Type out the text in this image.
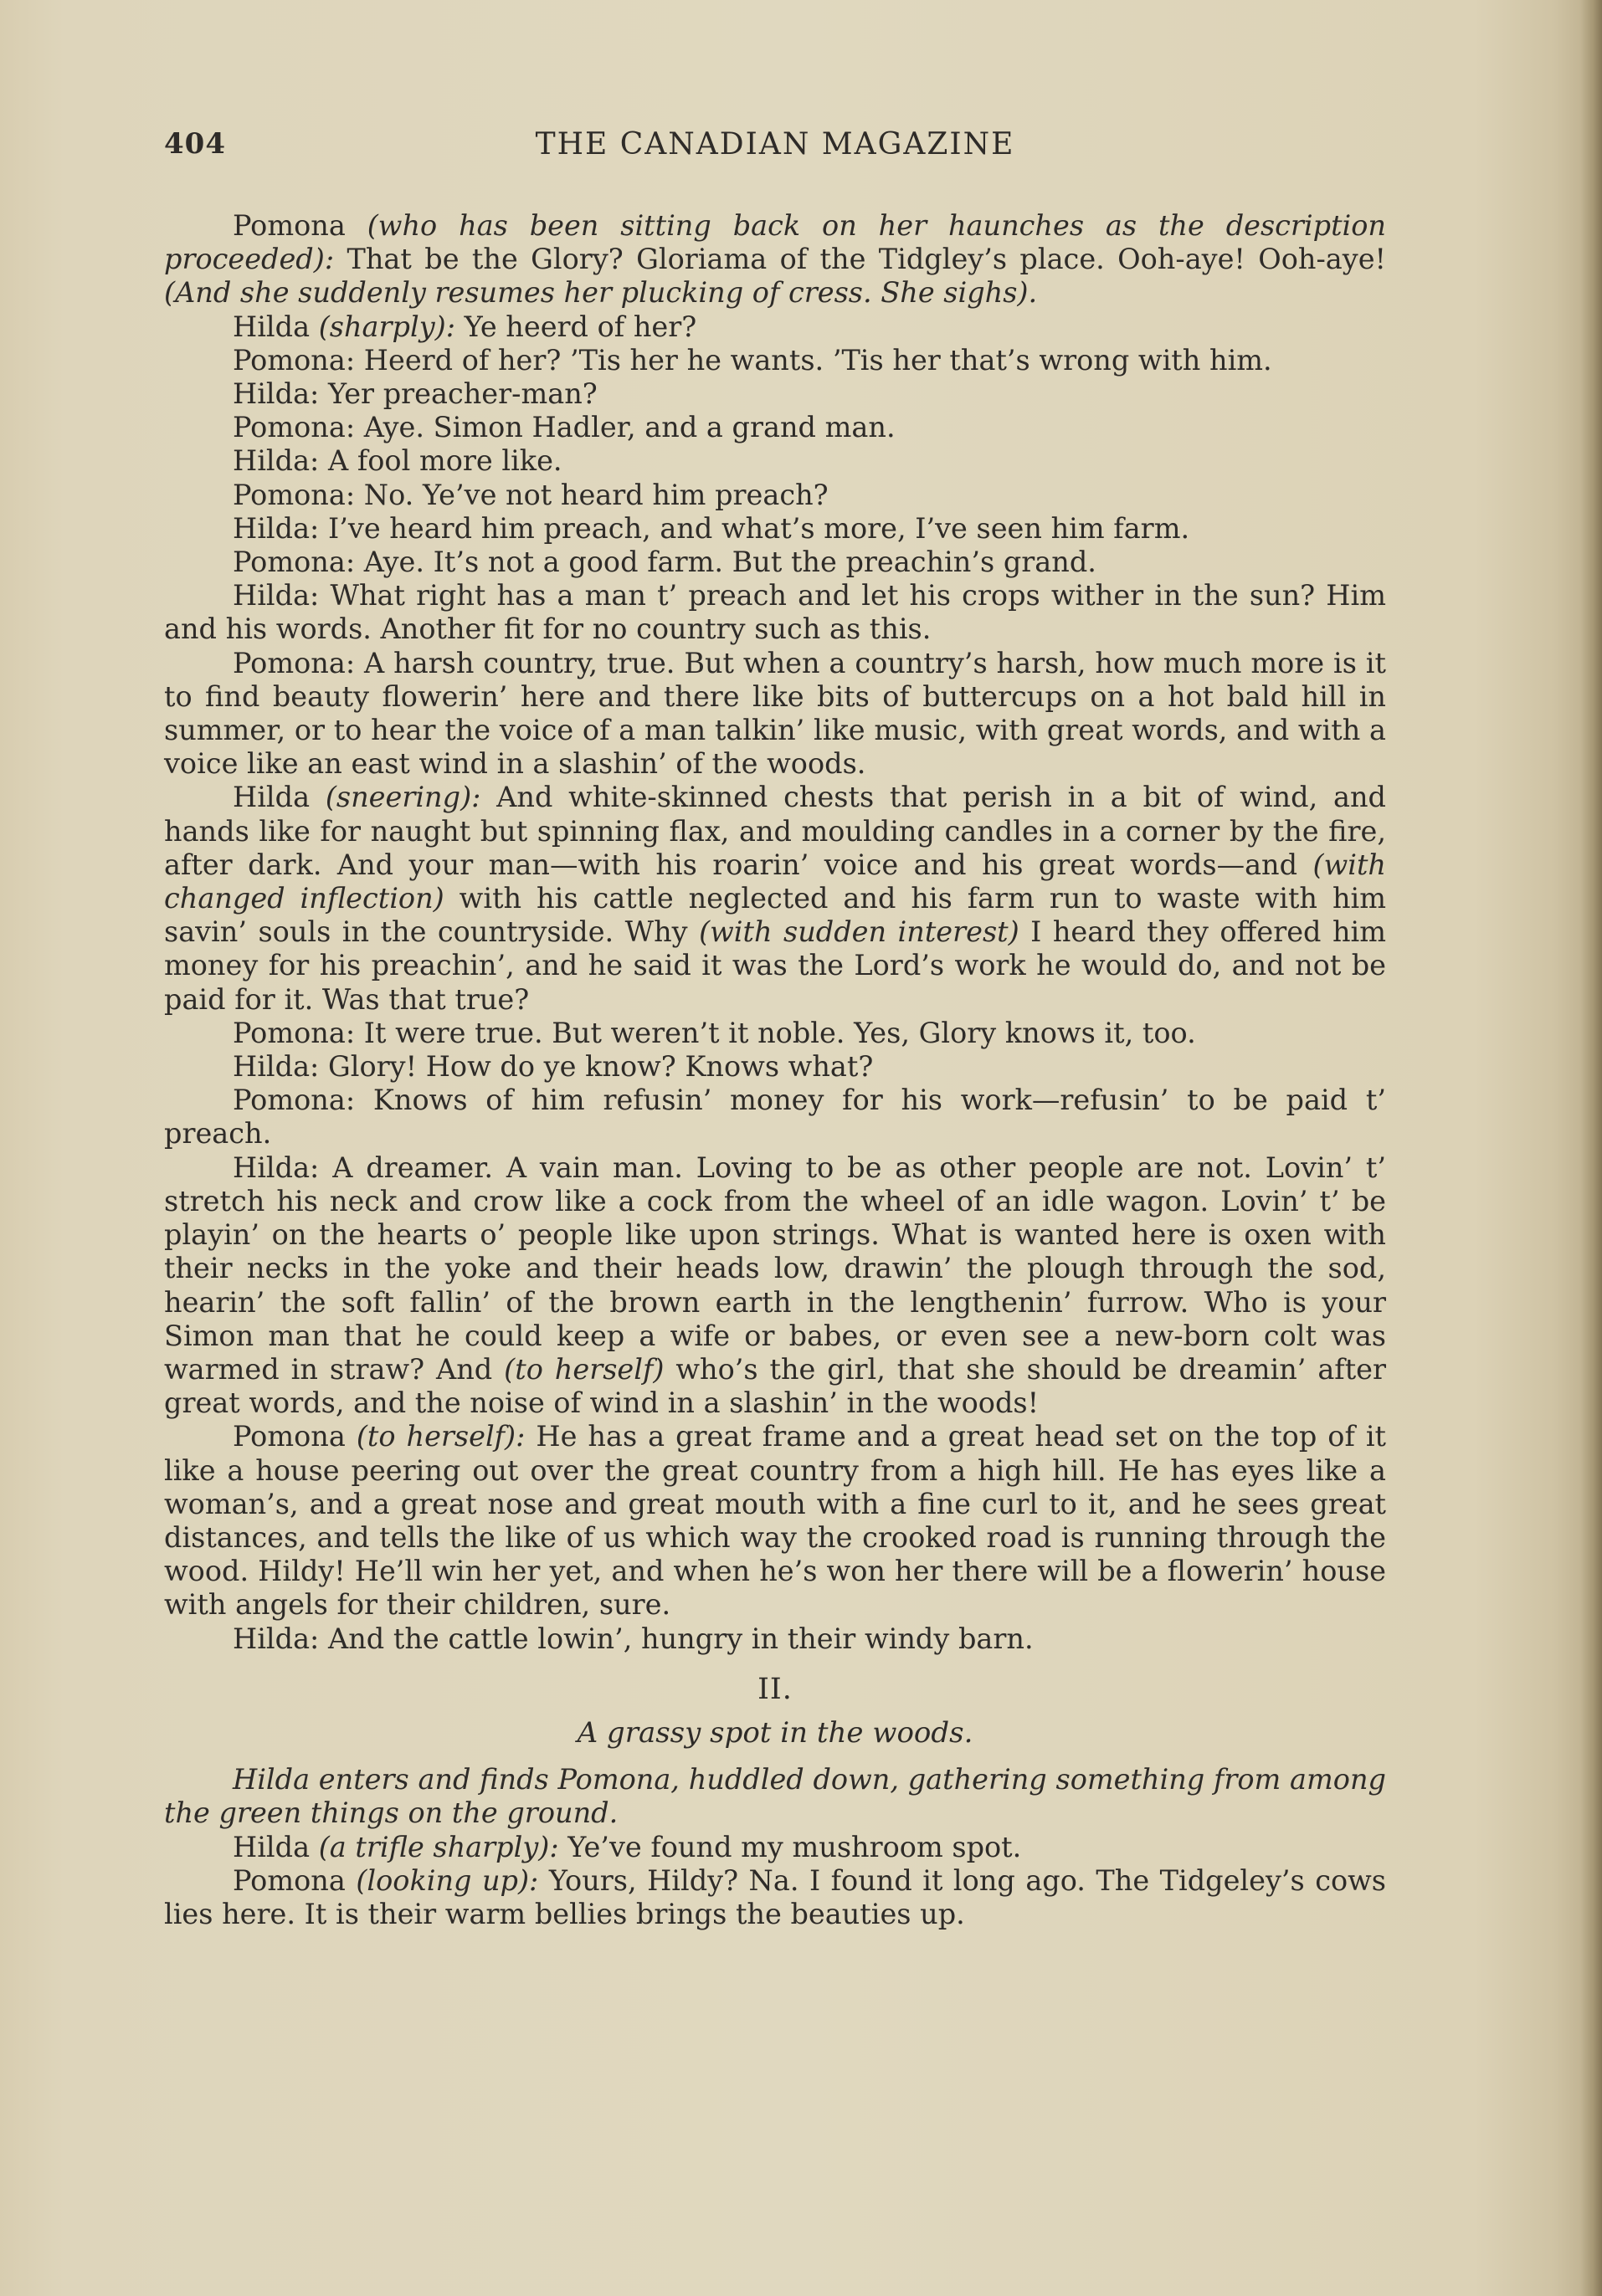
404	THE CANADIAN MAGAZINE

Pomona (who has been sitting back on her haunches as the description proceeded): That be the Glory? Gloriama of the Tidgley’s place. Ooh-aye! Ooh-aye! (And she suddenly resumes her plucking of cress. She sighs).

Hilda (sharply): Ye heerd of her?

Pomona: Heerd of her? ’Tis her he wants. ’Tis her that’s wrong with him.

Hilda: Yer preacher-man?

Pomona: Aye. Simon Hadler, and a grand man.

Hilda: A fool more like.

Pomona: No. Ye’ve not heard him preach?

Hilda: I’ve heard him preach, and what’s more, I’ve seen him farm.

Pomona: Aye. It’s not a good farm. But the preachin’s grand.

Hilda: What right has a man t’ preach and let his crops wither in the sun? Him and his words. Another fit for no country such as this.

Pomona: A harsh country, true. But when a country’s harsh, how much more is it to find beauty flowerin’ here and there like bits of buttercups on a hot bald hill in summer, or to hear the voice of a man talkin’ like music, with great words, and with a voice like an east wind in a slashin’ of the woods.

Hilda (sneering): And white-skinned chests that perish in a bit of wind, and hands like for naught but spinning flax, and moulding candles in a corner by the fire, after dark. And your man—with his roarin’ voice and his great words—and (with changed inflection) with his cattle neglected and his farm run to waste with him savin’ souls in the countryside. Why (with sudden interest) I heard they offered him money for his preachin’, and he said it was the Lord’s work he would do, and not be paid for it. Was that true?

Pomona: It were true. But weren’t it noble. Yes, Glory knows it, too.

Hilda: Glory! How do ye know? Knows what?

Pomona: Knows of him refusin’ money for his work—refusin’ to be paid t’ preach.

Hilda: A dreamer. A vain man. Loving to be as other people are not. Lovin’ t’ stretch his neck and crow like a cock from the wheel of an idle wagon. Lovin’ t’ be playin’ on the hearts o’ people like upon strings. What is wanted here is oxen with their necks in the yoke and their heads low, drawin’ the plough through the sod, hearin’ the soft fallin’ of the brown earth in the lengthenin’ furrow. Who is your Simon man that he could keep a wife or babes, or even see a new-born colt was warmed in straw? And (to herself) who’s the girl, that she should be dreamin’ after great words, and the noise of wind in a slashin’ in the woods!

Pomona (to herself): He has a great frame and a great head set on the top of it like a house peering out over the great country from a high hill. He has eyes like a woman’s, and a great nose and great mouth with a fine curl to it, and he sees great distances, and tells the like of us which way the crooked road is running through the wood. Hildy! He’ll win her yet, and when he’s won her there will be a flowerin’ house with angels for their children, sure.

Hilda: And the cattle lowin’, hungry in their windy barn.

II.

A grassy spot in the woods.

Hilda enters and finds Pomona, huddled down, gathering something from among the green things on the ground.

Hilda (a trifle sharply): Ye’ve found my mushroom spot.

Pomona (looking up): Yours, Hildy? Na. I found it long ago. The Tidgeley’s cows lies here. It is their warm bellies brings the beauties up.
